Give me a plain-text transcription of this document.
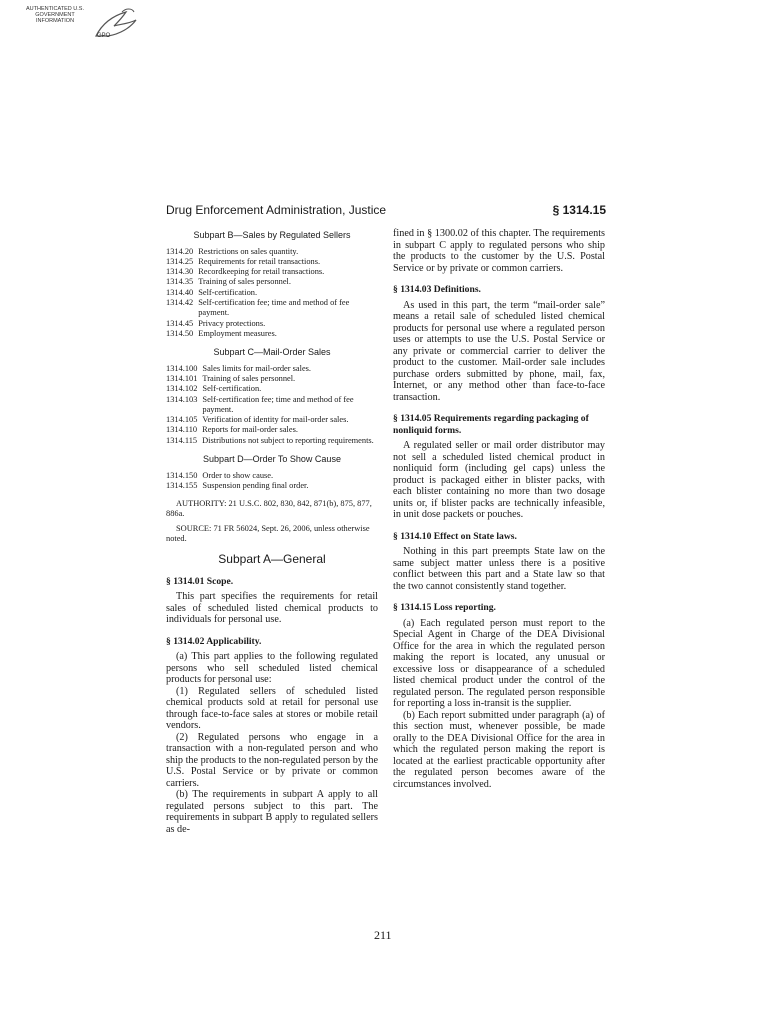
AUTHENTICATED U.S. GOVERNMENT INFORMATION
GPO
Drug Enforcement Administration, Justice	§ 1314.15
Subpart B—Sales by Regulated Sellers
1314.20 Restrictions on sales quantity.
1314.25 Requirements for retail transactions.
1314.30 Recordkeeping for retail transactions.
1314.35 Training of sales personnel.
1314.40 Self-certification.
1314.42 Self-certification fee; time and method of fee payment.
1314.45 Privacy protections.
1314.50 Employment measures.
Subpart C—Mail-Order Sales
1314.100 Sales limits for mail-order sales.
1314.101 Training of sales personnel.
1314.102 Self-certification.
1314.103 Self-certification fee; time and method of fee payment.
1314.105 Verification of identity for mail-order sales.
1314.110 Reports for mail-order sales.
1314.115 Distributions not subject to reporting requirements.
Subpart D—Order To Show Cause
1314.150 Order to show cause.
1314.155 Suspension pending final order.

AUTHORITY: 21 U.S.C. 802, 830, 842, 871(b), 875, 877, 886a.

SOURCE: 71 FR 56024, Sept. 26, 2006, unless otherwise noted.

Subpart A—General
§ 1314.01 Scope.

This part specifies the requirements for retail sales of scheduled listed chemical products to individuals for personal use.

§ 1314.02 Applicability.

(a) This part applies to the following regulated persons who sell scheduled listed chemical products for personal use:

(1) Regulated sellers of scheduled listed chemical products sold at retail for personal use through face-to-face sales at stores or mobile retail vendors.

(2) Regulated persons who engage in a transaction with a non-regulated person and who ship the products to the non-regulated person by the U.S. Postal Service or by private or common carriers.

(b) The requirements in subpart A apply to all regulated persons subject to this part. The requirements in subpart B apply to regulated sellers as de-

fined in § 1300.02 of this chapter. The requirements in subpart C apply to regulated persons who ship the products to the customer by the U.S. Postal Service or by private or common carriers.

§ 1314.03 Definitions.

As used in this part, the term “mail-order sale” means a retail sale of scheduled listed chemical products for personal use where a regulated person uses or attempts to use the U.S. Postal Service or any private or commercial carrier to deliver the product to the customer. Mail-order sale includes purchase orders submitted by phone, mail, fax, Internet, or any method other than face-to-face transaction.

§ 1314.05 Requirements regarding packaging of nonliquid forms.

A regulated seller or mail order distributor may not sell a scheduled listed chemical product in nonliquid form (including gel caps) unless the product is packaged either in blister packs, with each blister containing no more than two dosage units or, if blister packs are technically infeasible, in unit dose packets or pouches.

§ 1314.10 Effect on State laws.

Nothing in this part preempts State law on the same subject matter unless there is a positive conflict between this part and a State law so that the two cannot consistently stand together.

§ 1314.15 Loss reporting.

(a) Each regulated person must report to the Special Agent in Charge of the DEA Divisional Office for the area in which the regulated person making the report is located, any unusual or excessive loss or disappearance of a scheduled listed chemical product under the control of the regulated person. The regulated person responsible for reporting a loss in-transit is the supplier.

(b) Each report submitted under paragraph (a) of this section must, whenever possible, be made orally to the DEA Divisional Office for the area in which the regulated person making the report is located at the earliest practicable opportunity after the regulated person becomes aware of the circumstances involved.

211
